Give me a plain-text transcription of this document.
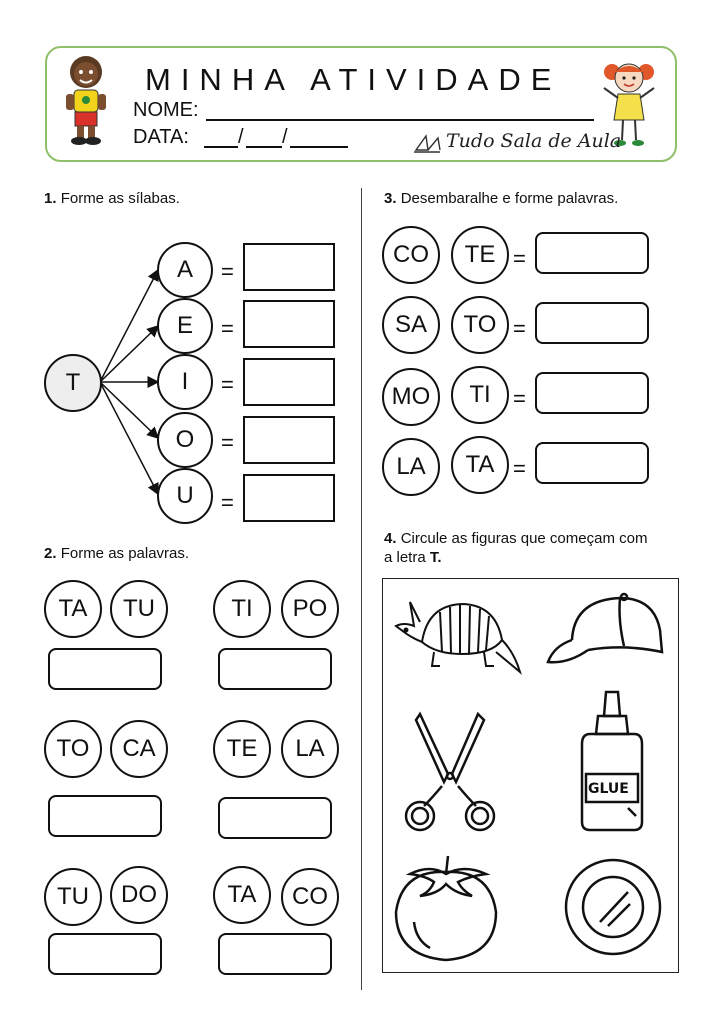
MINHA ATIVIDADE
NOME:
DATA: / /	Tudo Sala de Aula
1. Forme as sílabas.
T
A	=
E	=
I	=
O	=
U	=
2. Forme as palavras.
TA	TU	TI	PO
TO	CA	TE	LA
TU	DO	TA	CO
3. Desembaralhe e forme palavras.
CO	TE =
SA	TO =
MO	TI	=
LA	TA =
4. Circule as figuras que começam com
a letra T.
GLUE
